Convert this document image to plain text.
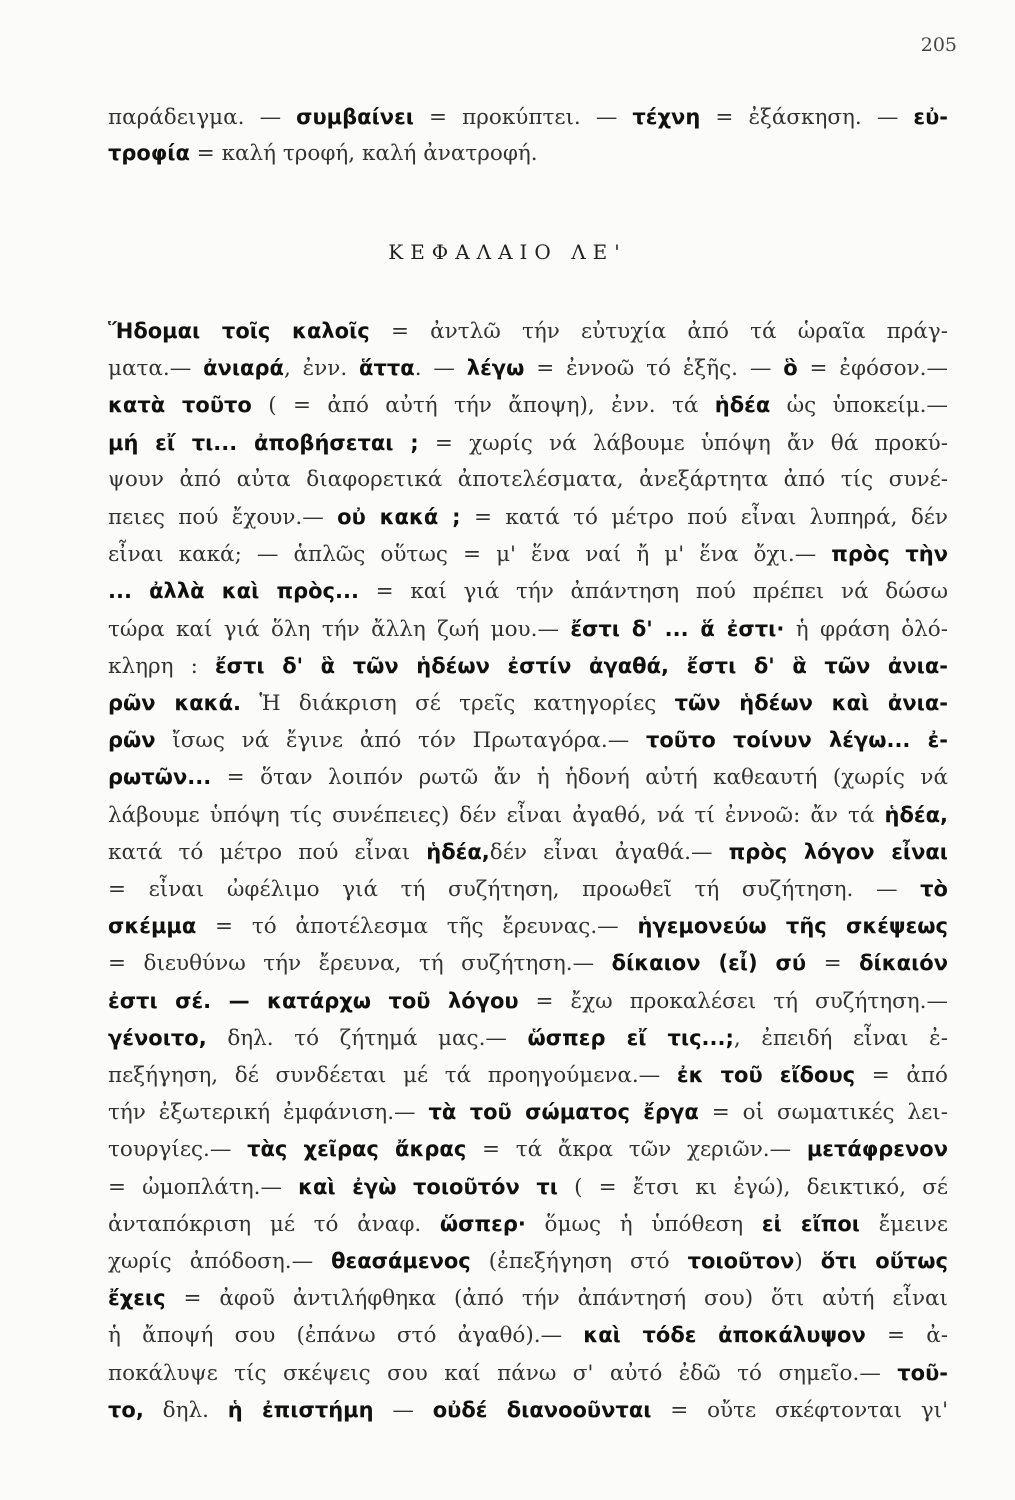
205
παράδειγμα. — συμβαίνει = προκύπτει. — τέχνη = ἐξάσκηση. — εὐ-
τροφία = καλή τροφή, καλή ἀνατροφή.
ΚΕΦΑΛΑΙΟ ΛΕ'
Ἥδομαι τοῖς καλοῖς = ἀντλῶ τήν εὐτυχία ἀπό τά ὡραῖα πράγ-
ματα.— ἀνιαρά, ἐνν. ἅττα. — λέγω = ἐννοῶ τό ἑξῆς. — ὃ = ἐφόσον.—
κατὰ τοῦτο ( = ἀπό αὐτή τήν ἄποψη), ἐνν. τά ἡδέα ὡς ὑποκείμ.—
μή εἴ τι... ἀποβήσεται ; = χωρίς νά λάβουμε ὑπόψη ἄν θά προκύ-
ψουν ἀπό αὐτα διαφορετικά ἀποτελέσματα, ἀνεξάρτητα ἀπό τίς συνέ-
πειες πού ἔχουν.— οὐ κακά ; = κατά τό μέτρο πού εἶναι λυπηρά, δέν
εἶναι κακά; — ἁπλῶς οὕτως = μ' ἕνα ναί ἤ μ' ἕνα ὄχι.— πρὸς τὴν
... ἀλλὰ καὶ πρὸς... = καί γιά τήν ἀπάντηση πού πρέπει νά δώσω
τώρα καί γιά ὅλη τήν ἄλλη ζωή μου.— ἔστι δ' ... ἅ ἐστι· ἡ φράση ὁλό-
κληρη : ἔστι δ' ἃ τῶν ἡδέων ἐστίν ἀγαθά, ἔστι δ' ἃ τῶν ἀνια-
ρῶν κακά. Ἡ διάκριση σέ τρεῖς κατηγορίες τῶν ἡδέων καὶ ἀνια-
ρῶν ἴσως νά ἔγινε ἀπό τόν Πρωταγόρα.— τοῦτο τοίνυν λέγω... ἐ-
ρωτῶν... = ὅταν λοιπόν ρωτῶ ἄν ἡ ἡδονή αὐτή καθεαυτή (χωρίς νά
λάβουμε ὑπόψη τίς συνέπειες) δέν εἶναι ἀγαθό, νά τί ἐννοῶ: ἄν τά ἡδέα,
κατά τό μέτρο πού εἶναι ἡδέα,δέν εἶναι ἀγαθά.— πρὸς λόγον εἶναι
= εἶναι ὠφέλιμο γιά τή συζήτηση, προωθεῖ τή συζήτηση. — τὸ
σκέμμα = τό ἀποτέλεσμα τῆς ἔρευνας.— ἡγεμονεύω τῆς σκέψεως
= διευθύνω τήν ἔρευνα, τή συζήτηση.— δίκαιον (εἶ) σύ = δίκαιόν
ἐστι σέ. — κατάρχω τοῦ λόγου = ἔχω προκαλέσει τή συζήτηση.—
γένοιτο, δηλ. τό ζήτημά μας.— ὥσπερ εἴ τις...;, ἐπειδή εἶναι ἐ-
πεξήγηση, δέ συνδέεται μέ τά προηγούμενα.— ἐκ τοῦ εἴδους = ἀπό
τήν ἐξωτερική ἐμφάνιση.— τὰ τοῦ σώματος ἔργα = οἱ σωματικές λει-
τουργίες.— τὰς χεῖρας ἄκρας = τά ἄκρα τῶν χεριῶν.— μετάφρενον
= ὠμοπλάτη.— καὶ ἐγὼ τοιοῦτόν τι ( = ἔτσι κι ἐγώ), δεικτικό, σέ
ἀνταπόκριση μέ τό ἀναφ. ὥσπερ· ὅμως ἡ ὑπόθεση εἰ εἴποι ἔμεινε
χωρίς ἀπόδοση.— θεασάμενος (ἐπεξήγηση στό τοιοῦτον) ὅτι οὕτως
ἔχεις = ἀφοῦ ἀντιλήφθηκα (ἀπό τήν ἀπάντησή σου) ὅτι αὐτή εἶναι
ἡ ἄποψή σου (ἐπάνω στό ἀγαθό).— καὶ τόδε ἀποκάλυψον = ἀ-
ποκάλυψε τίς σκέψεις σου καί πάνω σ' αὐτό ἐδῶ τό σημεῖο.— τοῦ-
το, δηλ. ἡ ἐπιστήμη — οὐδέ διανοοῦνται = οὔτε σκέφτονται γι'
